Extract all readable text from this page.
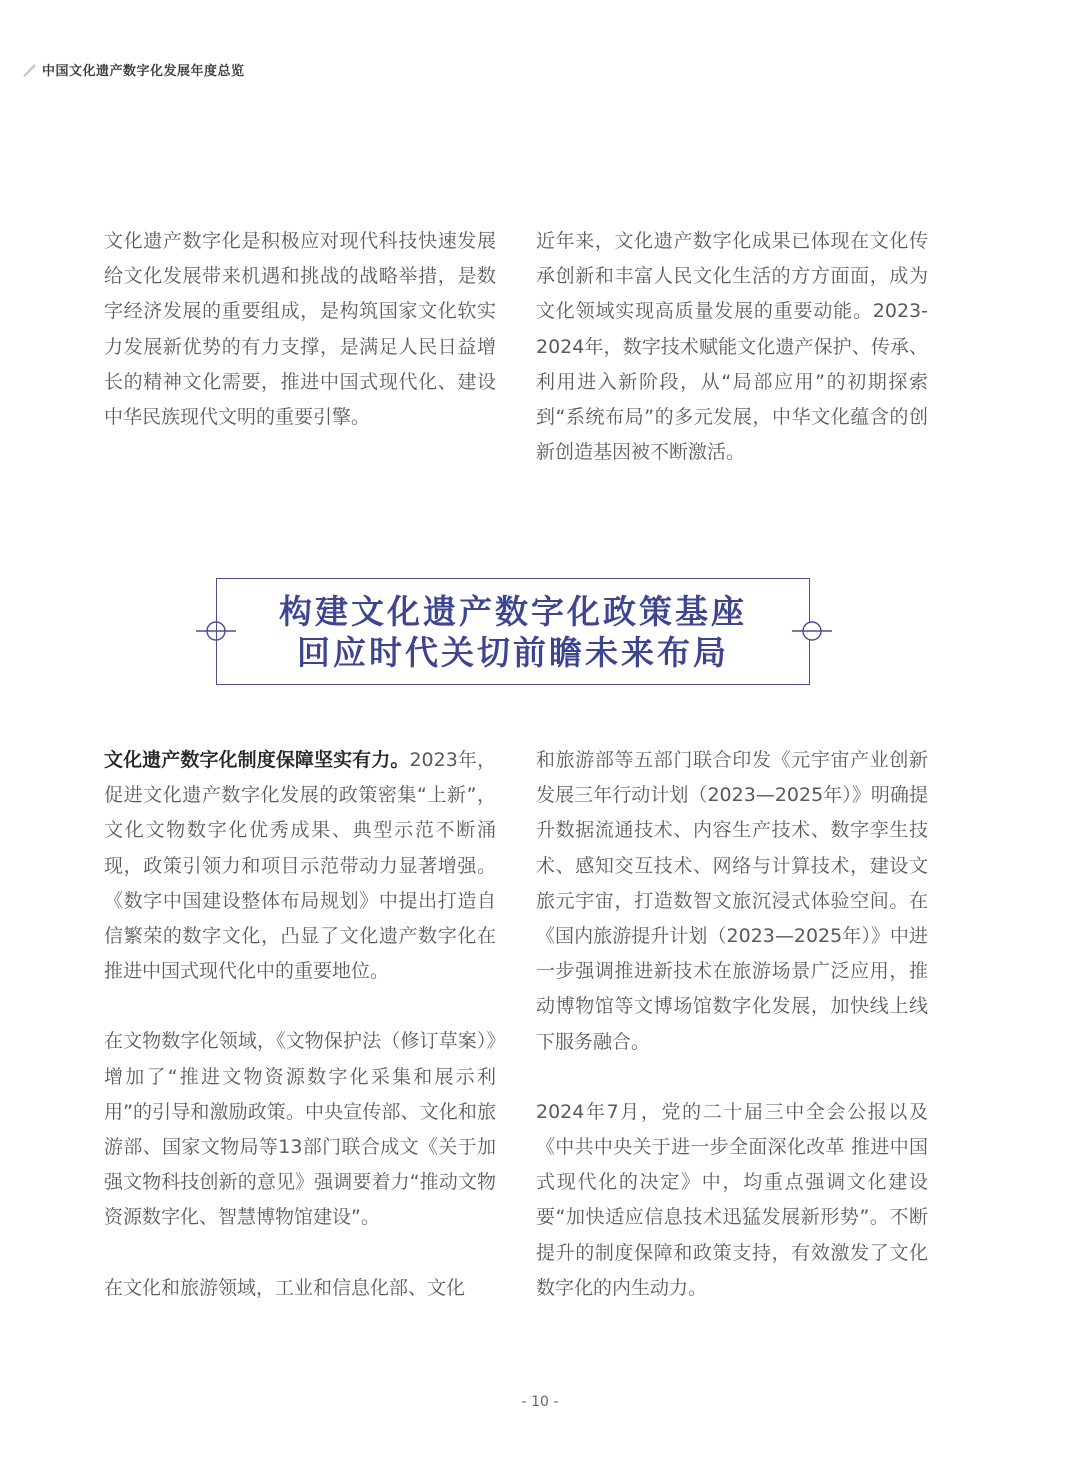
中国文化遗产数字化发展年度总览

文化遗产数字化是积极应对现代科技快速发展给文化发展带来机遇和挑战的战略举措，是数字经济发展的重要组成，是构筑国家文化软实力发展新优势的有力支撑，是满足人民日益增长的精神文化需要，推进中国式现代化、建设中华民族现代文明的重要引擎。

近年来，文化遗产数字化成果已体现在文化传承创新和丰富人民文化生活的方方面面，成为文化领域实现高质量发展的重要动能。2023-2024年，数字技术赋能文化遗产保护、传承、利用进入新阶段，从“局部应用”的初期探索到“系统布局”的多元发展，中华文化蕴含的创新创造基因被不断激活。

构建文化遗产数字化政策基座
回应时代关切前瞻未来布局

文化遗产数字化制度保障坚实有力。2023年，促进文化遗产数字化发展的政策密集“上新”，文化文物数字化优秀成果、典型示范不断涌现，政策引领力和项目示范带动力显著增强。《数字中国建设整体布局规划》中提出打造自信繁荣的数字文化，凸显了文化遗产数字化在推进中国式现代化中的重要地位。

在文物数字化领域，《文物保护法（修订草案）》增加了“推进文物资源数字化采集和展示利用”的引导和激励政策。中央宣传部、文化和旅游部、国家文物局等13部门联合成文《关于加强文物科技创新的意见》强调要着力“推动文物资源数字化、智慧博物馆建设”。

在文化和旅游领域，工业和信息化部、文化

和旅游部等五部门联合印发《元宇宙产业创新发展三年行动计划（2023—2025年）》明确提升数据流通技术、内容生产技术、数字孪生技术、感知交互技术、网络与计算技术，建设文旅元宇宙，打造数智文旅沉浸式体验空间。在《国内旅游提升计划（2023—2025年）》中进一步强调推进新技术在旅游场景广泛应用，推动博物馆等文博场馆数字化发展，加快线上线下服务融合。

2024年7月，党的二十届三中全会公报以及《中共中央关于进一步全面深化改革 推进中国式现代化的决定》中，均重点强调文化建设要“加快适应信息技术迅猛发展新形势”。不断提升的制度保障和政策支持，有效激发了文化数字化的内生动力。

- 10 -
